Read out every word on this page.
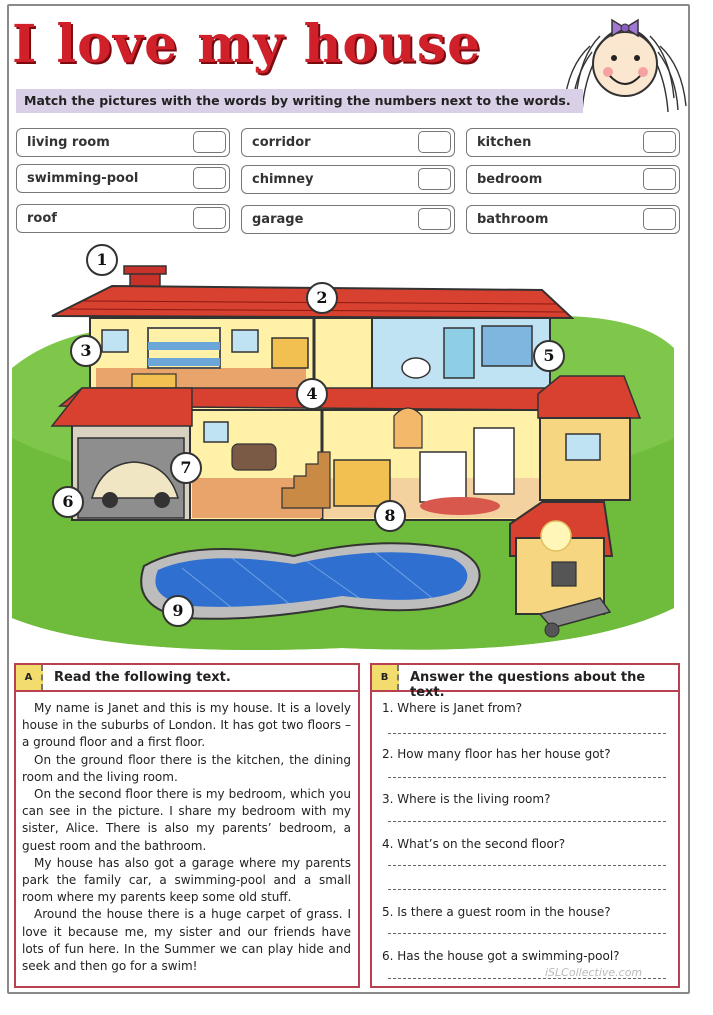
I love my house
Match the pictures with the words by writing the numbers next to the words.
living room	corridor	kitchen
swimming-pool	chimney	bedroom
roof	garage	bathroom
1
2
3
4
5
6
7
8
9
A	Read the following text.

My name is Janet and this is my house. It is a lovely house in the suburbs of London. It has got two floors – a ground floor and a first floor.

On the ground floor there is the kitchen, the dining room and the living room.

On the second floor there is my bedroom, which you can see in the picture. I share my bedroom with my sister, Alice. There is also my parents’ bedroom, a guest room and the bathroom.

My house has also got a garage where my parents park the family car, a swimming-pool and a small room where my parents keep some old stuff.

Around the house there is a huge carpet of grass. I love it because me, my sister and our friends have lots of fun here. In the Summer we can play hide and seek and then go for a swim!

B	Answer the questions about the text.
1. Where is Janet from?
2. How many floor has her house got?
3. Where is the living room?
4. What’s on the second floor?
5. Is there a guest room in the house?
6. Has the house got a swimming-pool?
iSLCollective.com
